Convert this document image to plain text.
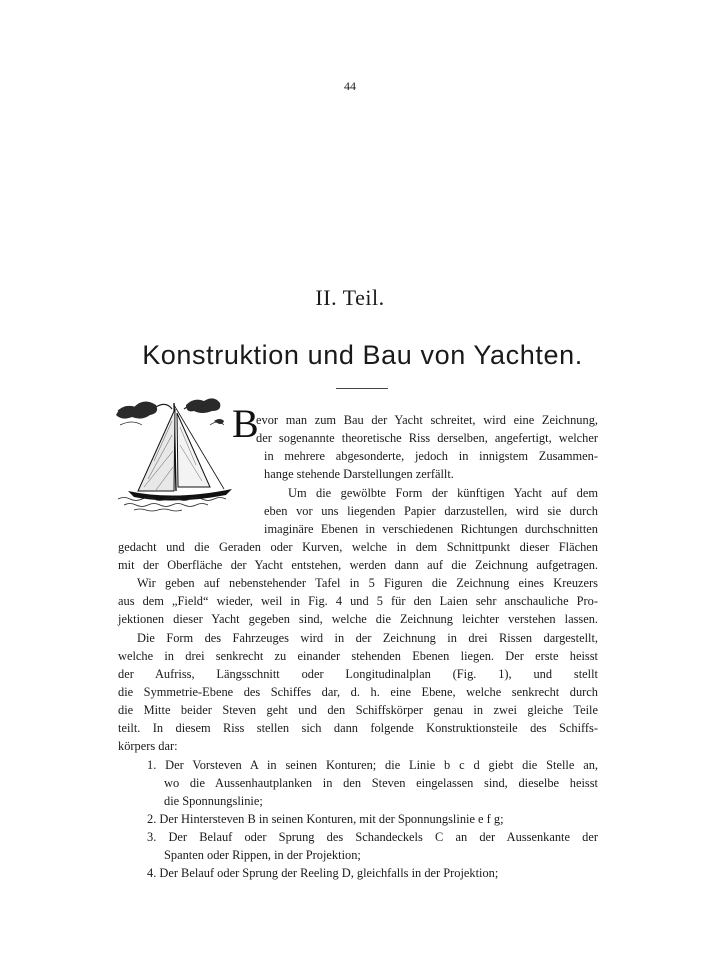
44
II. Teil.
Konstruktion und Bau von Yachten.
B
evor man zum Bau der Yacht schreitet, wird eine Zeichnung,
der sogenannte theoretische Riss derselben, angefertigt, welcher
in mehrere abgesonderte, jedoch in innigstem Zusammen-
hange stehende Darstellungen zerfällt.
Um die gewölbte Form der künftigen Yacht auf dem
eben vor uns liegenden Papier darzustellen, wird sie durch
imaginäre Ebenen in verschiedenen Richtungen durchschnitten
gedacht und die Geraden oder Kurven, welche in dem Schnittpunkt dieser Flächen
mit der Oberfläche der Yacht entstehen, werden dann auf die Zeichnung aufgetragen.
Wir geben auf nebenstehender Tafel in 5 Figuren die Zeichnung eines Kreuzers
aus dem „Field“ wieder, weil in Fig. 4 und 5 für den Laien sehr anschauliche Pro-
jektionen dieser Yacht gegeben sind, welche die Zeichnung leichter verstehen lassen.
Die Form des Fahrzeuges wird in der Zeichnung in drei Rissen dargestellt,
welche in drei senkrecht zu einander stehenden Ebenen liegen. Der erste heisst
der Aufriss, Längsschnitt oder Longitudinalplan (Fig. 1), und stellt
die Symmetrie-Ebene des Schiffes dar, d. h. eine Ebene, welche senkrecht durch
die Mitte beider Steven geht und den Schiffskörper genau in zwei gleiche Teile
teilt. In diesem Riss stellen sich dann folgende Konstruktionsteile des Schiffs-
körpers dar:
1. Der Vorsteven A in seinen Konturen; die Linie b c d giebt die Stelle an,
wo die Aussenhautplanken in den Steven eingelassen sind, dieselbe heisst
die Sponnungslinie;
2. Der Hintersteven B in seinen Konturen, mit der Sponnungslinie e f g;
3. Der Belauf oder Sprung des Schandeckels C an der Aussenkante der
Spanten oder Rippen, in der Projektion;
4. Der Belauf oder Sprung der Reeling D, gleichfalls in der Projektion;
